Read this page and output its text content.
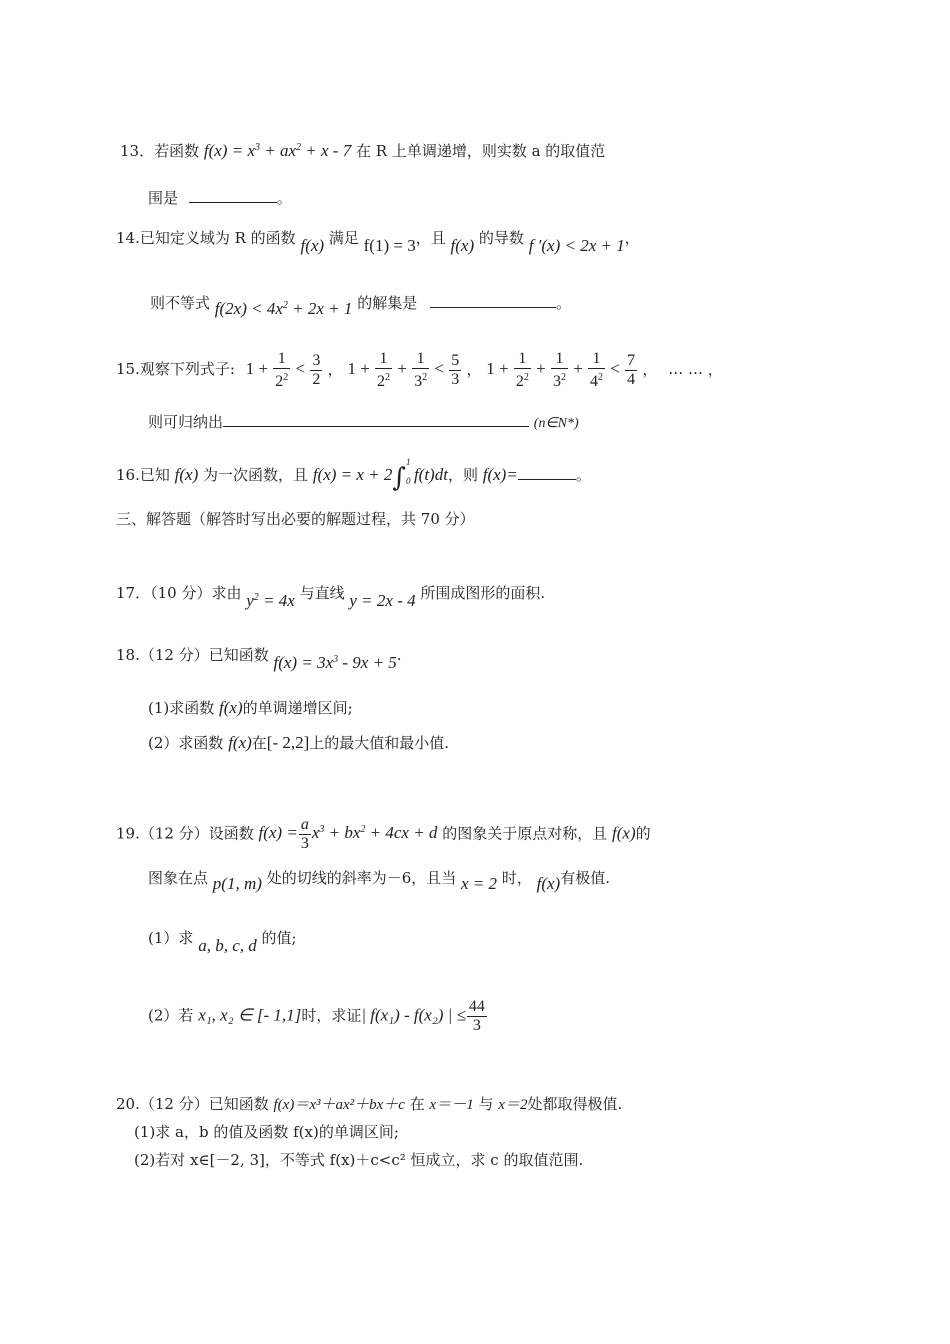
13．若函数 $f(x) = x^3 + ax^2 + x - 7$ 在 R 上单调递增，则实数 a 的取值范
围是	。
14.已知定义域为 R 的函数 f(x) 满足 f(1) = 3，且 f(x) 的导数 f ′(x) < 2x + 1，
则不等式 $f(2x) < 4x^2 + 2x + 1$ 的解集是	。
15.观察下列式子: $1 + \frac{1}{2^2} < \frac{3}{2}$ ， $1 + \frac{1}{2^2} + \frac{1}{3^2} < \frac{5}{3}$ ， $1 + \frac{1}{2^2} + \frac{1}{3^2} + \frac{1}{4^2} < \frac{7}{4}$ ， … … ，
则可归纳出	(n∈N*)
16.已知 f(x) 为一次函数，且 f(x) = x + 2∫
1
0 f(t)dt，则 f(x)=	。
三、解答题（解答时写出必要的解题过程，共 70 分）
17．（10 分）求由 $y^2 = 4x$ 与直线 y = 2x - 4 所围成图形的面积.
18.（12 分）已知函数 $f(x) = 3x^3 - 9x + 5$.
(1)求函数 f(x)的单调递增区间;
(2）求函数 f(x)在[- 2,2]上的最大值和最小值.
19.（12 分）设函数 $f(x) = \frac{a}{3} x^3 + bx^2 + 4cx + d$ 的图象关于原点对称，且 f(x)的
图象在点 p(1, m) 处的切线的斜率为－6，且当 x = 2 时， f(x)有极值.
(1）求 a, b, c, d 的值;
(2）若 x₁, x₂ ∈ [- 1,1]时，求证| f(x₁) - f(x₂) | ≤ $\frac{44}{3}$
20.（12 分）已知函数 f(x)＝x³＋ax²＋bx＋c 在 x＝－1 与 x＝2处都取得极值.
(1)求 a，b 的值及函数 f(x)的单调区间;
(2)若对 x∈[－2, 3]，不等式 f(x)＋c<c² 恒成立，求 c 的取值范围.
